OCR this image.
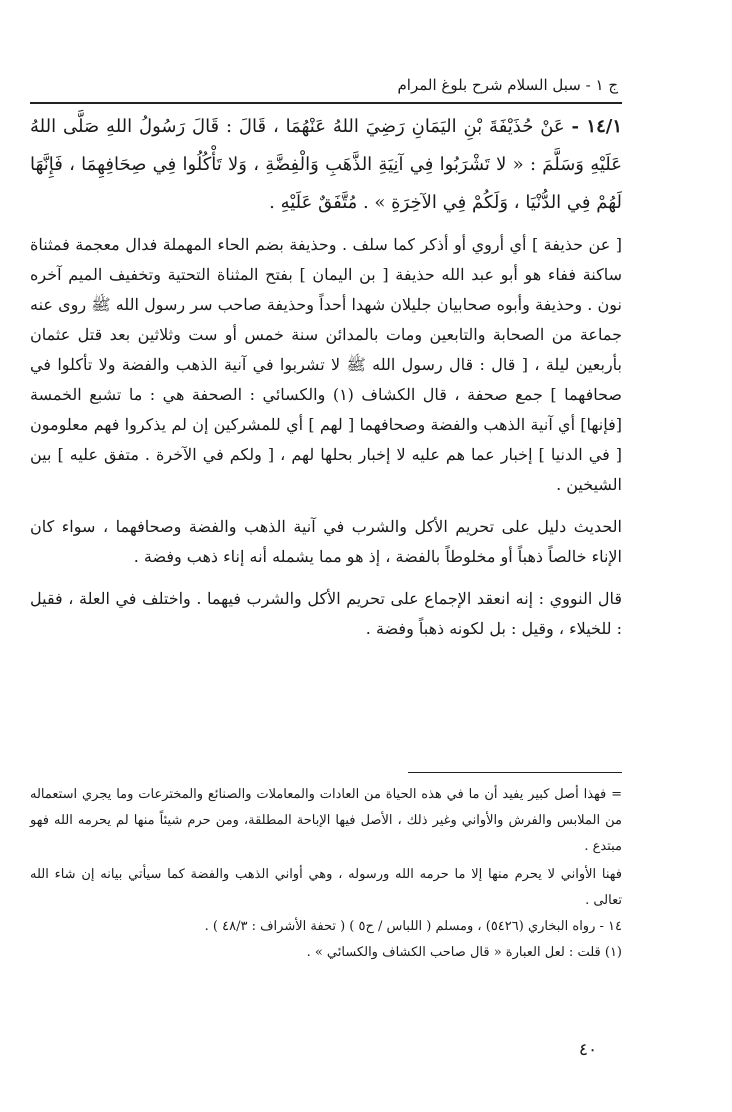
ج ١ - سبل السلام شرح بلوغ المرام

١٤/١ - عَنْ حُذَيْفَةَ بْنِ اليَمَانِ رَضِيَ اللهُ عَنْهُمَا ، قَالَ : قَالَ رَسُولُ اللهِ صَلَّى اللهُ عَلَيْهِ وَسَلَّمَ : « لا تَشْرَبُوا فِي آنِيَةِ الذَّهَبِ وَالْفِضَّةِ ، وَلا تَأْكُلُوا فِي صِحَافِهِمَا ، فَإِنَّهَا لَهُمْ فِي الدُّنْيَا ، وَلَكُمْ فِي الآخِرَةِ » . مُتَّفَقٌ عَلَيْهِ .

[ عن حذيفة ] أي أروي أو أذكر كما سلف . وحذيفة بضم الحاء المهملة فدال معجمة فمثناة ساكنة ففاء هو أبو عبد الله حذيفة [ بن اليمان ] بفتح المثناة التحتية وتخفيف الميم آخره نون . وحذيفة وأبوه صحابيان جليلان شهدا أحداً وحذيفة صاحب سر رسول الله ﷺ روى عنه جماعة من الصحابة والتابعين ومات بالمدائن سنة خمس أو ست وثلاثين بعد قتل عثمان بأربعين ليلة ، [ قال : قال رسول الله ﷺ لا تشربوا في آنية الذهب والفضة ولا تأكلوا في صحافهما ] جمع صحفة ، قال الكشاف (١) والكسائي : الصحفة هي : ما تشبع الخمسة [فإنها] أي آنية الذهب والفضة وصحافهما [ لهم ] أي للمشركين إن لم يذكروا فهم معلومون [ في الدنيا ] إخبار عما هم عليه لا إخبار بحلها لهم ، [ ولكم في الآخرة . متفق عليه ] بين الشيخين .

الحديث دليل على تحريم الأكل والشرب في آنية الذهب والفضة وصحافهما ، سواء كان الإناء خالصاً ذهباً أو مخلوطاً بالفضة ، إذ هو مما يشمله أنه إناء ذهب وفضة .

قال النووي : إنه انعقد الإجماع على تحريم الأكل والشرب فيهما . واختلف في العلة ، فقيل : للخيلاء ، وقيل : بل لكونه ذهباً وفضة .

= فهذا أصل كبير يفيد أن ما في هذه الحياة من العادات والمعاملات والصنائع والمخترعات وما يجري استعماله من الملابس والفرش والأواني وغير ذلك ، الأصل فيها الإباحة المطلقة، ومن حرم شيئاً منها لم يحرمه الله فهو مبتدع .

فهنا الأواني لا يحرم منها إلا ما حرمه الله ورسوله ، وهي أواني الذهب والفضة كما سيأتي بيانه إن شاء الله تعالى .

١٤ - رواه البخاري (٥٤٢٦) ، ومسلم ( اللباس / ح٥ ) ( تحفة الأشراف : ٤٨/٣ ) .

(١) قلت : لعل العبارة « قال صاحب الكشاف والكسائي » .

٤٠
